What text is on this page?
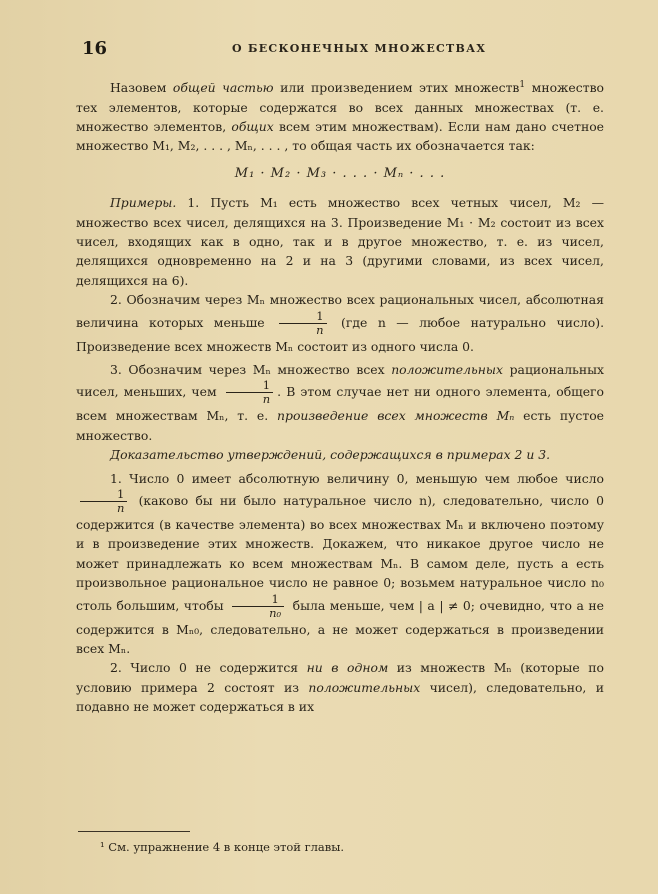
16	О БЕСКОНЕЧНЫХ МНОЖЕСТВАХ

Назовем общей частью или произведением этих множеств$^1$ множество тех элементов, которые содержатся во всех данных множествах (т. е. множество элементов, общих всем этим множествам). Если нам дано счетное множество M₁, M₂, . . . , Mₙ, . . . , то общая часть их обозначается так:

M₁ · M₂ · M₃ · . . . · Mₙ · . . .

Примеры. 1. Пусть M₁ есть множество всех четных чисел, M₂ — множество всех чисел, делящихся на 3. Произведение M₁ · M₂ состоит из всех чисел, входящих как в одно, так и в другое множество, т. е. из чисел, делящихся одновременно на 2 и на 3 (другими словами, из всех чисел, делящихся на 6).

2. Обозначим через Mₙ множество всех рациональных чисел, абсолютная величина которых меньше $\frac{1}{n} (где$ n — любое натурально число). Произведение всех множеств Mₙ состоит из одного числа 0.

3. Обозначим через Mₙ множество всех положительных рациональных чисел, меньших, чем $\frac{1}{n}$ . В этом случае нет ни одного элемента, общего всем множествам Mₙ, т. е. произведение всех множеств Mₙ есть пустое множество.

Доказательство утверждений, содержащихся в примерах 2 и 3.

1. Число 0 имеет абсолютную величину 0, меньшую чем любое число
$\frac{1}{n}$ (каково бы ни было натуральное число n), следовательно, число 0 содержится (в качестве элемента) во всех множествах Mₙ и включено поэтому и в произведение этих множеств. Докажем, что никакое другое число не может принадлежать ко всем множествам Mₙ. В самом деле, пусть a есть произвольное рациональное число не равное 0; возьмем натуральное число n₀ столь большим, чтобы $\frac{1}{\text{n₀}}$ была меньше, чем | a | ≠ 0; очевидно, что a не содержится в Mₙ₀, следовательно, a не может содержаться в произведении всех Mₙ.

2. Число 0 не содержится ни в одном из множеств Mₙ (которые по условию примера 2 состоят из положительных чисел), следовательно, и подавно не может содержаться в их

¹ См. упражнение 4 в конце этой главы.
